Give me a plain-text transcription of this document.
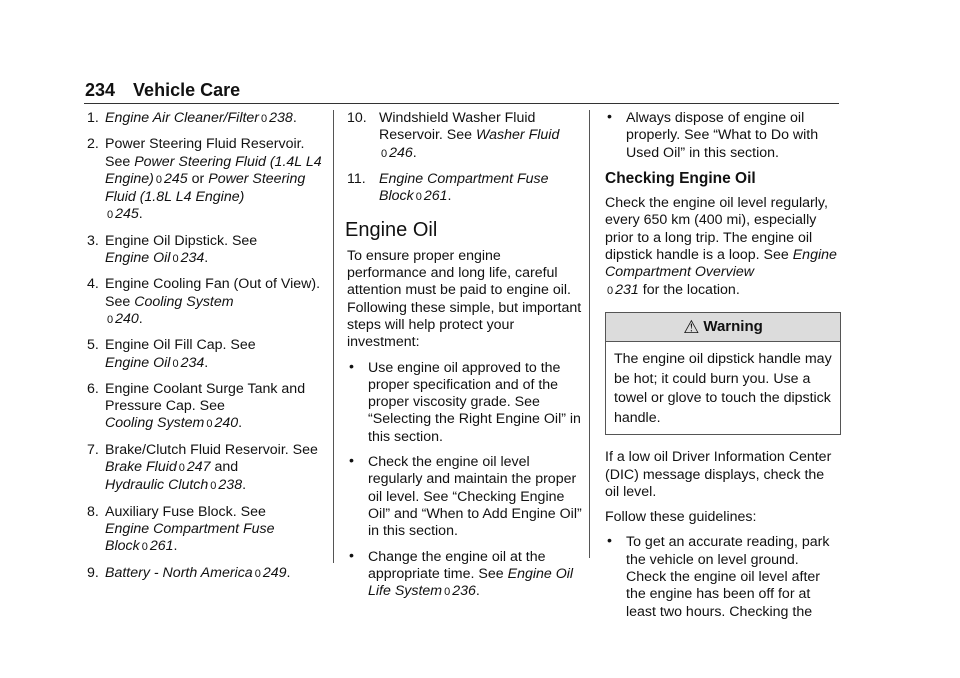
234 Vehicle Care
1. Engine Air Cleaner/Filter 0 238.
2. Power Steering Fluid Reservoir.
See Power Steering Fluid (1.4L L4 Engine) 0 245 or Power Steering Fluid (1.8L L4 Engine)
0 245.
3. Engine Oil Dipstick. See
Engine Oil 0 234.
4. Engine Cooling Fan (Out of View). See Cooling System
0 240.
5. Engine Oil Fill Cap. See
Engine Oil 0 234.
6. Engine Coolant Surge Tank and Pressure Cap. See
Cooling System 0 240.
7. Brake/Clutch Fluid Reservoir. See Brake Fluid 0 247 and
Hydraulic Clutch 0 238.
8. Auxiliary Fuse Block. See
Engine Compartment Fuse Block 0 261.
9. Battery - North America 0 249.
10. Windshield Washer Fluid Reservoir. See Washer Fluid
0 246.
11. Engine Compartment Fuse Block 0 261.
Engine Oil

To ensure proper engine performance and long life, careful attention must be paid to engine oil. Following these simple, but important steps will help protect your investment:

• Use engine oil approved to the proper specification and of the proper viscosity grade. See “Selecting the Right Engine Oil” in this section.
• Check the engine oil level regularly and maintain the proper oil level. See “Checking Engine Oil” and “When to Add Engine Oil” in this section.
• Change the engine oil at the appropriate time. See Engine Oil Life System 0 236.
• Always dispose of engine oil properly. See “What to Do with Used Oil” in this section.
Checking Engine Oil

Check the engine oil level regularly, every 650 km (400 mi), especially prior to a long trip. The engine oil dipstick handle is a loop. See Engine Compartment Overview
0 231 for the location.

⚠ Warning
The engine oil dipstick handle may be hot; it could burn you. Use a towel or glove to touch the dipstick handle.

If a low oil Driver Information Center (DIC) message displays, check the oil level.

Follow these guidelines:

• To get an accurate reading, park the vehicle on level ground. Check the engine oil level after the engine has been off for at least two hours. Checking the
